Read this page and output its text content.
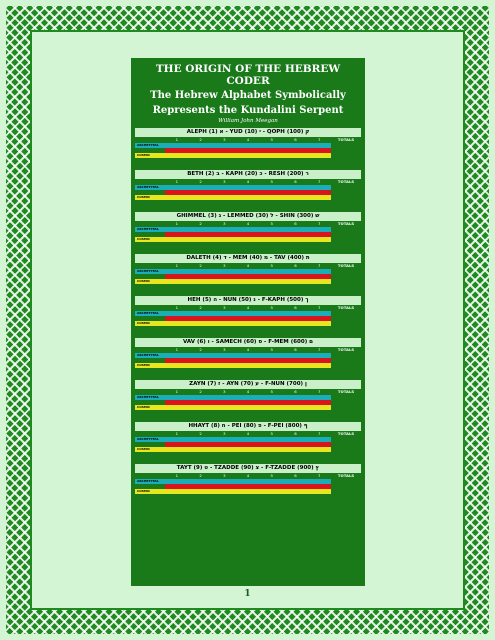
THE ORIGIN OF THE HEBREW CODER
The Hebrew Alphabet Symbolically
Represents the Kundalini Serpent
William John Meegan
ALEPH (1) א - YUD (10) י - QOPH (100) ק
1	2	3	4	5	6	7	TOTALS
ARCHETYPAL
COSMIC
BETH (2) ב - KAPH (20) כ - RESH (200) ר
1	2	3	4	5	6	7	TOTALS
ARCHETYPAL
COSMIC
GHIMMEL (3) ג - LEMMED (30) ל - SHIN (300) ש
1	2	3	4	5	6	7	TOTALS
ARCHETYPAL
COSMIC
DALETH (4) ד - MEM (40) מ - TAV (400) ת
1	2	3	4	5	6	7	TOTALS
ARCHETYPAL
COSMIC
HEH (5) ה - NUN (50) נ - F-KAPH (500) ך
1	2	3	4	5	6	7	TOTALS
ARCHETYPAL
COSMIC
VAV (6) ו - SAMECH (60) ס - F-MEM (600) ם
1	2	3	4	5	6	7	TOTALS
ARCHETYPAL
COSMIC
ZAYN (7) ז - AYN (70) ע - F-NUN (700) ן
1	2	3	4	5	6	7	TOTALS
ARCHETYPAL
COSMIC
HHAYT (8) ח - PEI (80) פ - F-PEI (800) ף
1	2	3	4	5	6	7	TOTALS
ARCHETYPAL
COSMIC
TAYT (9) ט - TZADDE (90) צ - F-TZADDE (900) ץ
1	2	3	4	5	6	7	TOTALS
ARCHETYPAL
COSMIC
1
